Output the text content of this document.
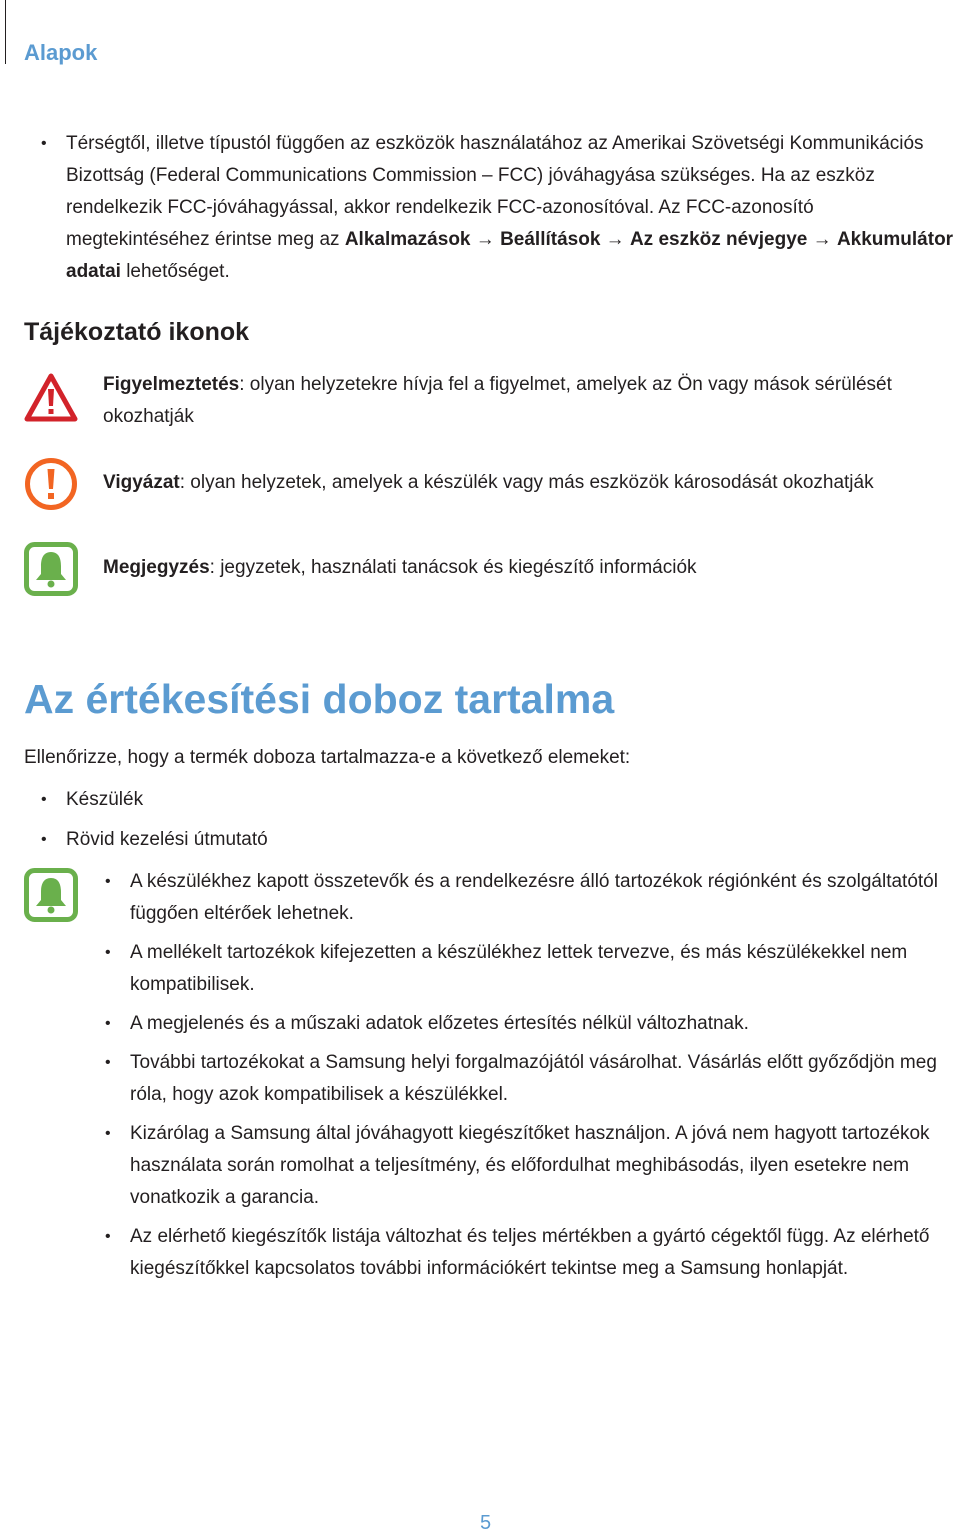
Alapok
• Térségtől, illetve típustól függően az eszközök használatához az Amerikai Szövetségi Kommunikációs Bizottság (Federal Communications Commission – FCC) jóváhagyása szükséges. Ha az eszköz rendelkezik FCC-jóváhagyással, akkor rendelkezik FCC-azonosítóval. Az FCC-azonosító megtekintéséhez érintse meg az Alkalmazások → Beállítások → Az eszköz névjegye → Akkumulátor adatai lehetőséget.
Tájékoztató ikonok
Figyelmeztetés: olyan helyzetekre hívja fel a figyelmet, amelyek az Ön vagy mások sérülését okozhatják
Vigyázat: olyan helyzetek, amelyek a készülék vagy más eszközök károsodását okozhatják
Megjegyzés: jegyzetek, használati tanácsok és kiegészítő információk
Az értékesítési doboz tartalma
Ellenőrizze, hogy a termék doboza tartalmazza-e a következő elemeket:
• Készülék
• Rövid kezelési útmutató
• A készülékhez kapott összetevők és a rendelkezésre álló tartozékok régiónként és szolgáltatótól függően eltérőek lehetnek.
• A mellékelt tartozékok kifejezetten a készülékhez lettek tervezve, és más készülékekkel nem kompatibilisek.
• A megjelenés és a műszaki adatok előzetes értesítés nélkül változhatnak.
• További tartozékokat a Samsung helyi forgalmazójától vásárolhat. Vásárlás előtt győződjön meg róla, hogy azok kompatibilisek a készülékkel.
• Kizárólag a Samsung által jóváhagyott kiegészítőket használjon. A jóvá nem hagyott tartozékok használata során romolhat a teljesítmény, és előfordulhat meghibásodás, ilyen esetekre nem vonatkozik a garancia.
• Az elérhető kiegészítők listája változhat és teljes mértékben a gyártó cégektől függ. Az elérhető kiegészítőkkel kapcsolatos további információkért tekintse meg a Samsung honlapját.
5
